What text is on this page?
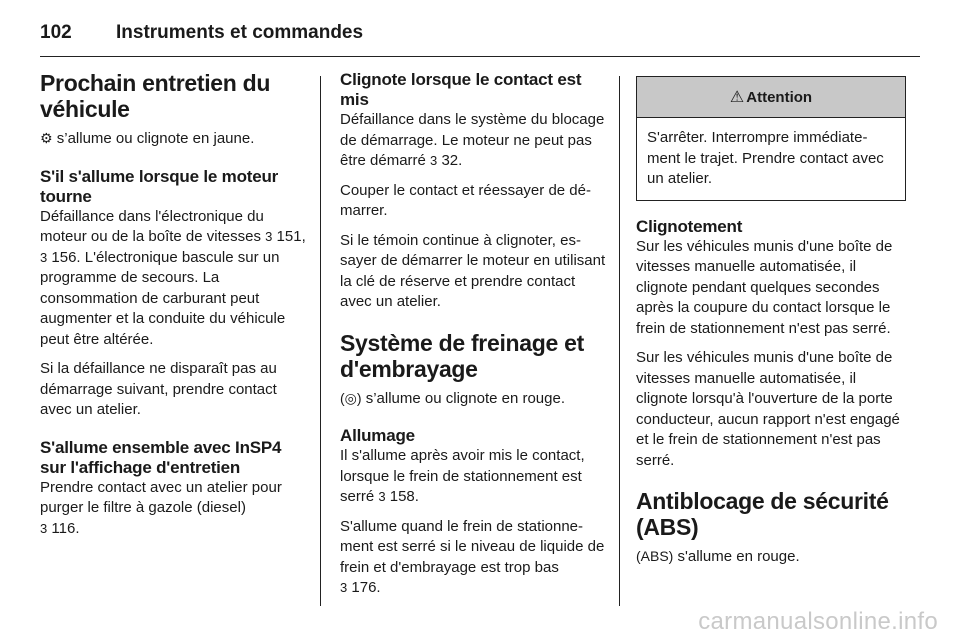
102	Instruments et commandes
Prochain entretien du véhicule

⚙ s’allume ou clignote en jaune.

S'il s'allume lorsque le moteur tourne

Défaillance dans l'électronique du moteur ou de la boîte de vitesses 3 151, 3 156. L'électronique bascule sur un programme de secours. La consommation de carburant peut augmenter et la conduite du véhicule peut être altérée.

Si la défaillance ne disparaît pas au démarrage suivant, prendre contact avec un atelier.

S'allume ensemble avec InSP4 sur l'affichage d'entretien

Prendre contact avec un atelier pour purger le filtre à gazole (diesel)
3 116.

Clignote lorsque le contact est mis

Défaillance dans le système du blocage de démarrage. Le moteur ne peut pas être démarré 3 32.

Couper le contact et réessayer de démarrer.

Si le témoin continue à clignoter, essayer de démarrer le moteur en utilisant la clé de réserve et prendre contact avec un atelier.

Système de freinage et d'embrayage

(◎) s’allume ou clignote en rouge.

Allumage

Il s'allume après avoir mis le contact, lorsque le frein de stationnement est serré 3 158.

S'allume quand le frein de stationnement est serré si le niveau de liquide de frein et d'embrayage est trop bas
3 176.

⚠ Attention

S'arrêter. Interrompre immédiatement le trajet. Prendre contact avec un atelier.

Clignotement

Sur les véhicules munis d'une boîte de vitesses manuelle automatisée, il clignote pendant quelques secondes après la coupure du contact lorsque le frein de stationnement n'est pas serré.

Sur les véhicules munis d'une boîte de vitesses manuelle automatisée, il clignote lorsqu'à l'ouverture de la porte conducteur, aucun rapport n'est engagé et le frein de stationnement n'est pas serré.

Antiblocage de sécurité (ABS)

(ABS) s'allume en rouge.

carmanualsonline.info
